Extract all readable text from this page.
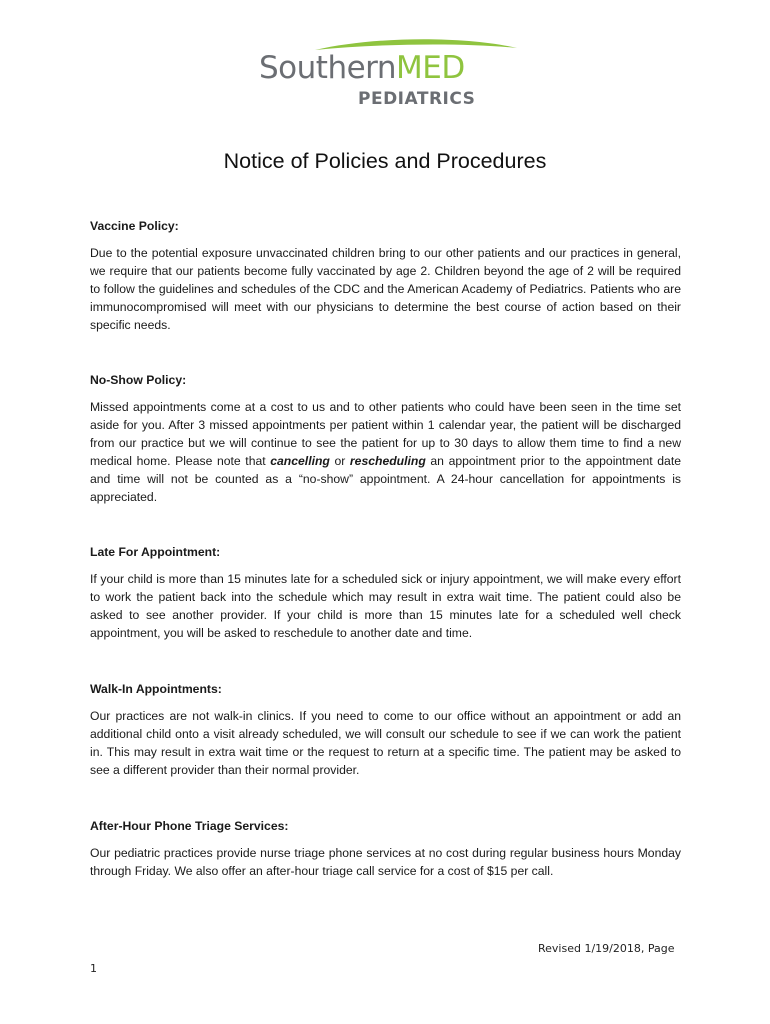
SouthernMED
PEDIATRICS
Notice of Policies and Procedures

Vaccine Policy:

Due to the potential exposure unvaccinated children bring to our other patients and our practices in general, we require that our patients become fully vaccinated by age 2. Children beyond the age of 2 will be required to follow the guidelines and schedules of the CDC and the American Academy of Pediatrics. Patients who are immunocompromised will meet with our physicians to determine the best course of action based on their specific needs.

No-Show Policy:

Missed appointments come at a cost to us and to other patients who could have been seen in the time set aside for you. After 3 missed appointments per patient within 1 calendar year, the patient will be discharged from our practice but we will continue to see the patient for up to 30 days to allow them time to find a new medical home. Please note that cancelling or rescheduling an appointment prior to the appointment date and time will not be counted as a “no-show” appointment. A 24-hour cancellation for appointments is appreciated.

Late For Appointment:

If your child is more than 15 minutes late for a scheduled sick or injury appointment, we will make every effort to work the patient back into the schedule which may result in extra wait time. The patient could also be asked to see another provider. If your child is more than 15 minutes late for a scheduled well check appointment, you will be asked to reschedule to another date and time.

Walk-In Appointments:

Our practices are not walk-in clinics. If you need to come to our office without an appointment or add an additional child onto a visit already scheduled, we will consult our schedule to see if we can work the patient in. This may result in extra wait time or the request to return at a specific time. The patient may be asked to see a different provider than their normal provider.

After-Hour Phone Triage Services:

Our pediatric practices provide nurse triage phone services at no cost during regular business hours Monday through Friday. We also offer an after-hour triage call service for a cost of $15 per call.

Revised 1/19/2018, Page
1
